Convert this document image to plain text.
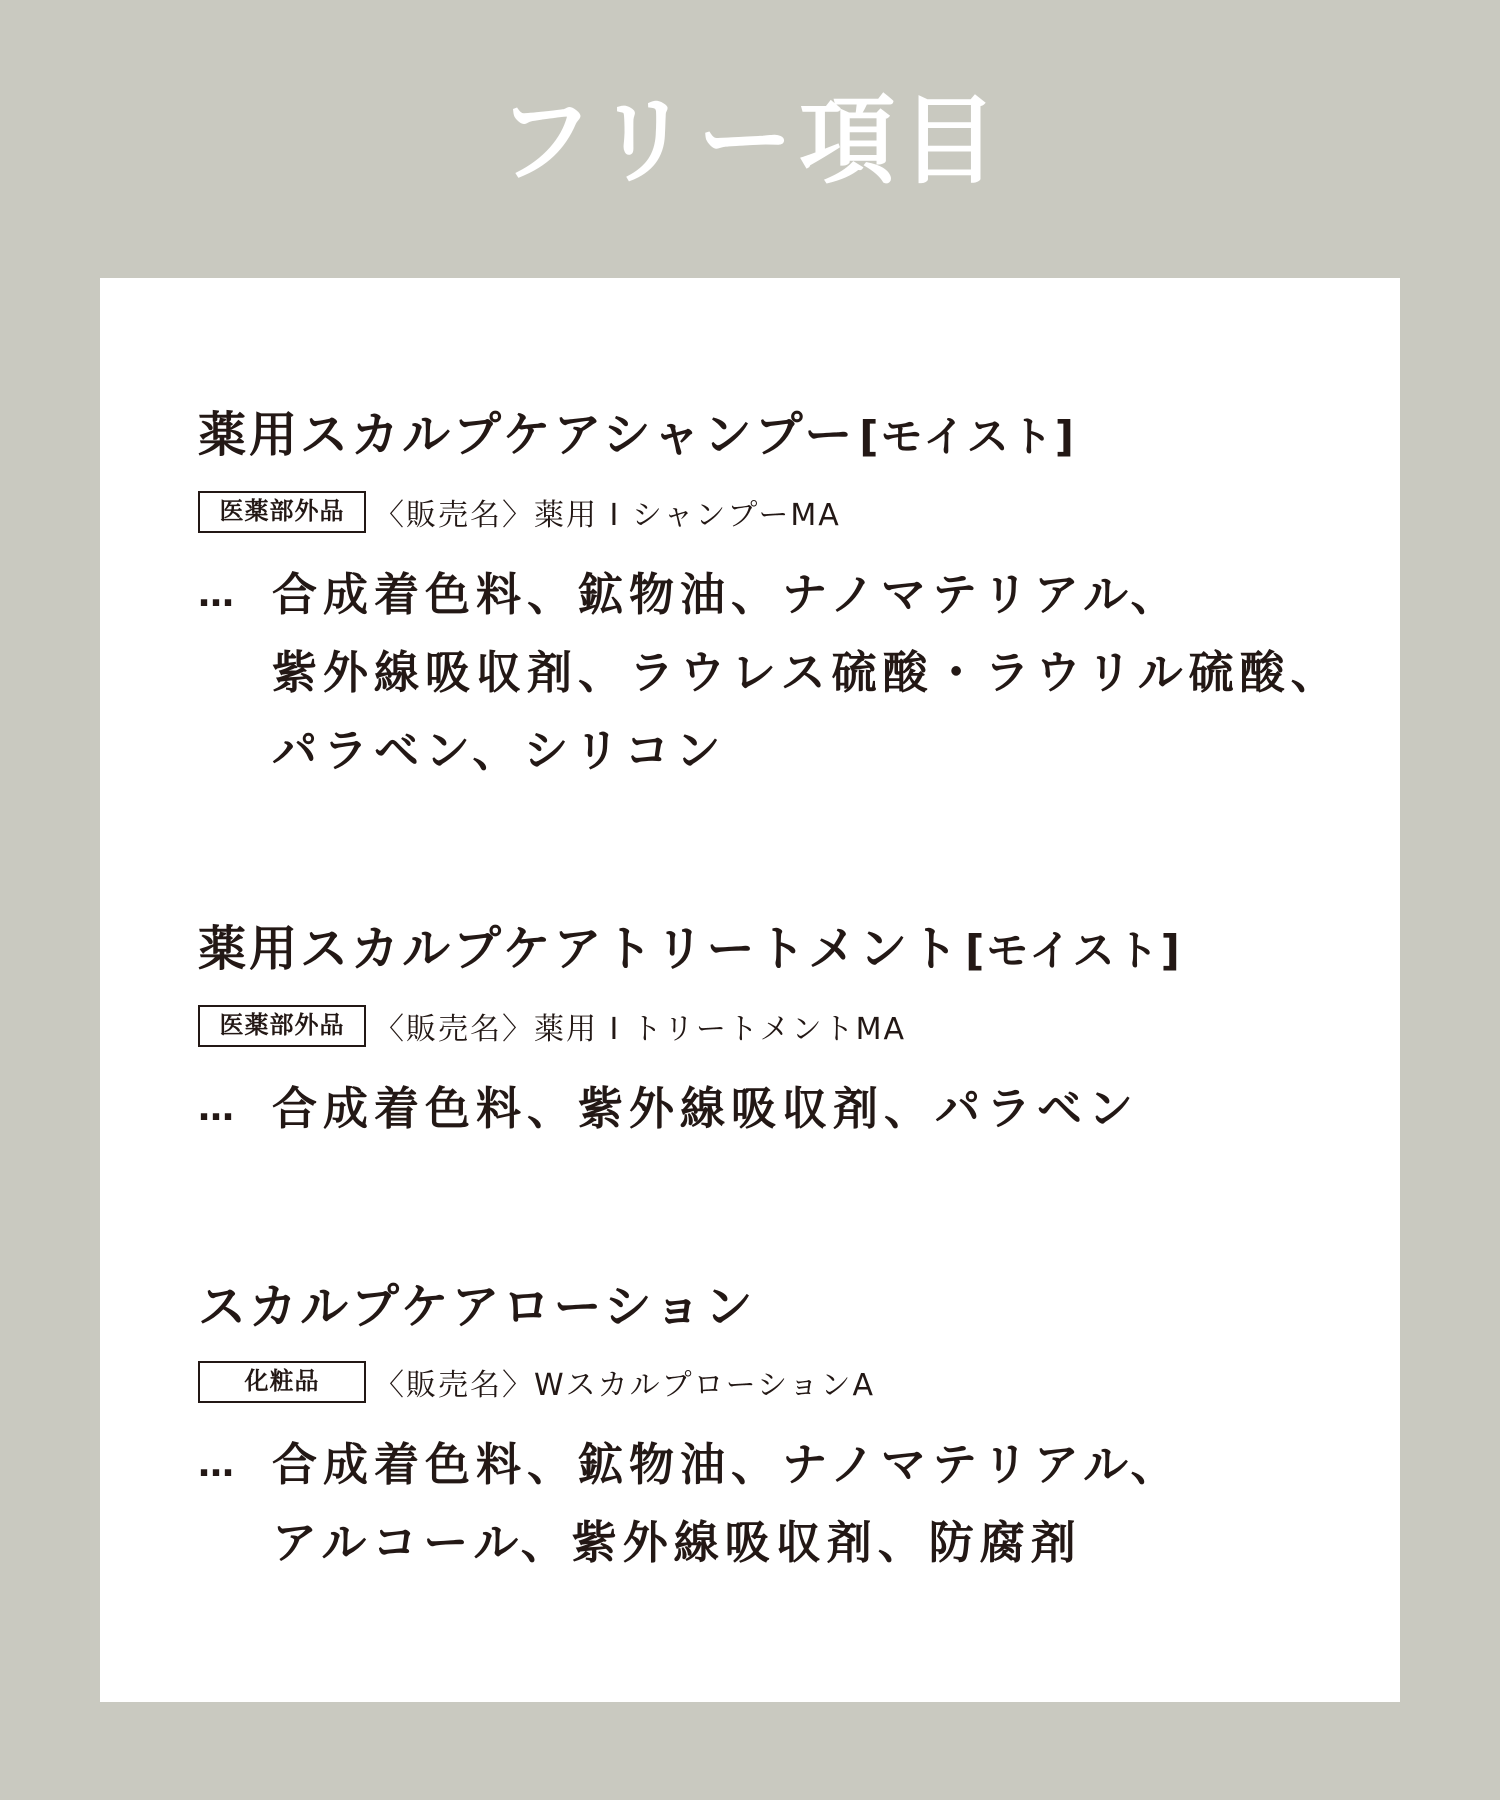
フリー項目
薬用スカルプケアシャンプー[モイスト]
医薬部外品 〈販売名〉薬用 I シャンプーMA
… 合成着色料、鉱物油、ナノマテリアル、
紫外線吸収剤、ラウレス硫酸・ラウリル硫酸、
パラベン、シリコン
薬用スカルプケアトリートメント[モイスト]
医薬部外品 〈販売名〉薬用 I トリートメントMA
… 合成着色料、紫外線吸収剤、パラベン
スカルプケアローション
化粧品	〈販売名〉WスカルプローションA
… 合成着色料、鉱物油、ナノマテリアル、
アルコール、紫外線吸収剤、防腐剤
